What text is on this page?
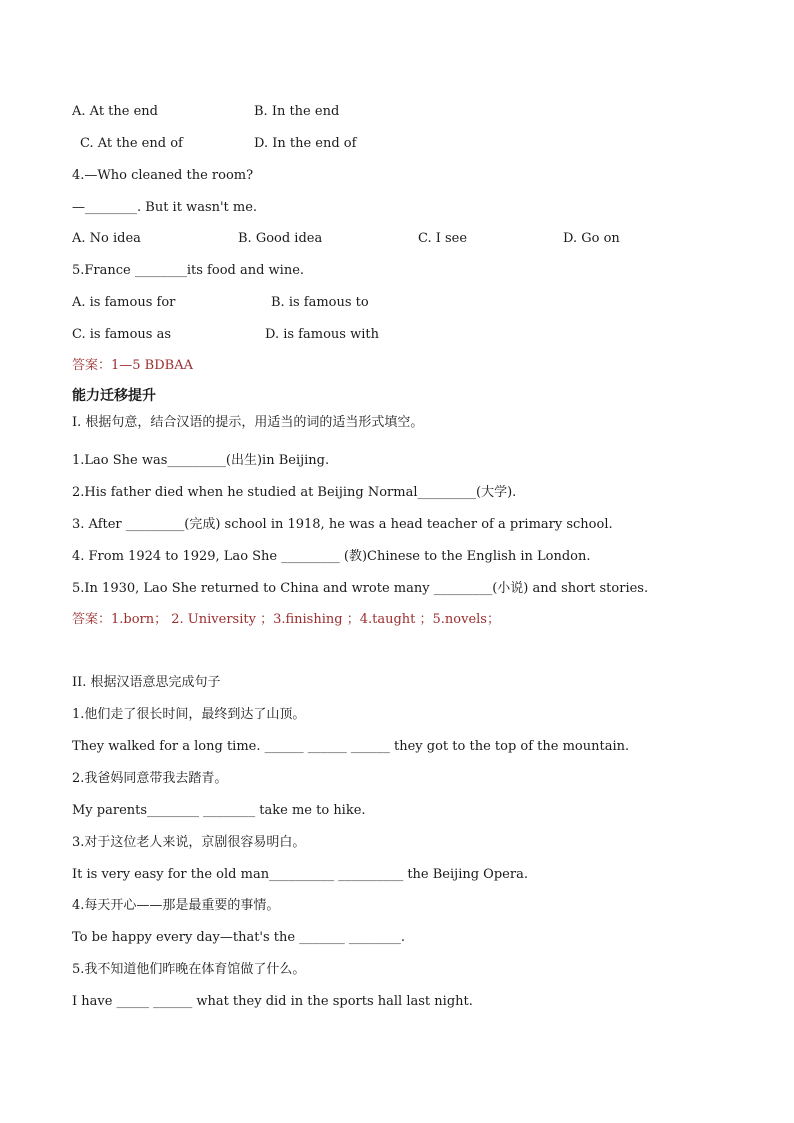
A. At the end	B. In the end
C. At the end of	D. In the end of
4.—Who cleaned the room?
—________. But it wasn't me.
A. No idea	B. Good idea	C. I see	D. Go on
5.France ________its food and wine.
A. is famous for	B. is famous to
C. is famous as	D. is famous with
答案：1—5 BDBAA
能力迁移提升
I. 根据句意，结合汉语的提示，用适当的词的适当形式填空。
1.Lao She was_________(出生)in Beijing.
2.His father died when he studied at Beijing Normal_________(大学).
3. After _________(完成) school in 1918, he was a head teacher of a primary school.
4. From 1924 to 1929, Lao She _________ (教)Chinese to the English in London.
5.In 1930, Lao She returned to China and wrote many _________(小说) and short stories.
答案：1.born； 2. University ；3.finishing ；4.taught ；5.novels；
II. 根据汉语意思完成句子
1.他们走了很长时间，最终到达了山顶。
They walked for a long time. ______ ______ ______ they got to the top of the mountain.
2.我爸妈同意带我去踏青。
My parents________ ________ take me to hike.
3.对于这位老人来说，京剧很容易明白。
It is very easy for the old man__________ __________ the Beijing Opera.
4.每天开心——那是最重要的事情。
To be happy every day—that's the _______ ________.
5.我不知道他们昨晚在体育馆做了什么。
I have _____ ______ what they did in the sports hall last night.
